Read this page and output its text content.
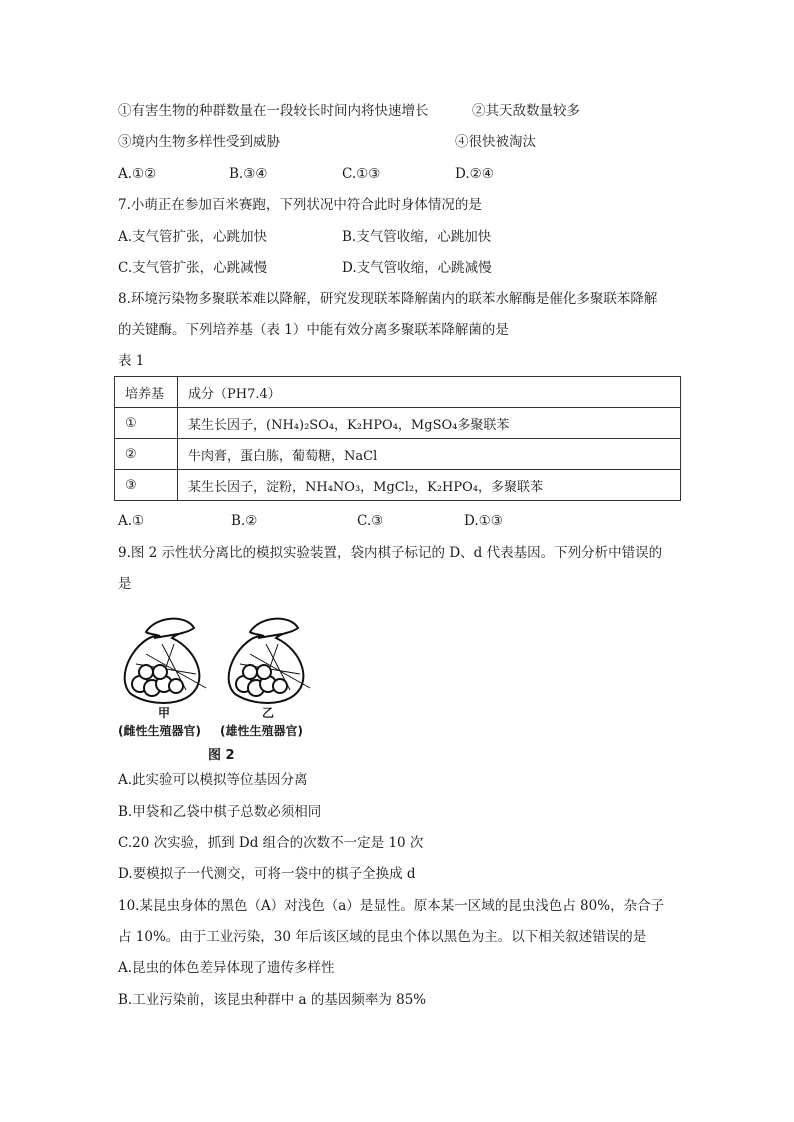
①有害生物的种群数量在一段较长时间内将快速增长	②其天敌数量较多
③境内生物多样性受到威胁	④很快被淘汰
A.①②	B.③④	C.①③	D.②④
7.小萌正在参加百米赛跑，下列状况中符合此时身体情况的是
A.支气管扩张，心跳加快	B.支气管收缩，心跳加快
C.支气管扩张，心跳减慢	D.支气管收缩，心跳减慢
8.环境污染物多聚联苯难以降解，研究发现联苯降解菌内的联苯水解酶是催化多聚联苯降解
的关键酶。下列培养基（表 1）中能有效分离多聚联苯降解菌的是
表 1
培养基	成分（PH7.4）
①	某生长因子，(NH₄)₂SO₄，K₂HPO₄，MgSO₄多聚联苯
②	牛肉膏，蛋白胨，葡萄糖，NaCl
③	某生长因子，淀粉，NH₄NO₃，MgCl₂，K₂HPO₄，多聚联苯
A.①	B.②	C.③	D.①③
9.图 2 示性状分离比的模拟实验装置，袋内棋子标记的 D、d 代表基因。下列分析中错误的
是
甲
(雌性生殖器官)
乙
(雄性生殖器官)
图 2
A.此实验可以模拟等位基因分离
B.甲袋和乙袋中棋子总数必须相同
C.20 次实验，抓到 Dd 组合的次数不一定是 10 次
D.要模拟子一代测交，可将一袋中的棋子全换成 d
10.某昆虫身体的黑色（A）对浅色（a）是显性。原本某一区域的昆虫浅色占 80%，杂合子
占 10%。由于工业污染，30 年后该区域的昆虫个体以黑色为主。以下相关叙述错误的是
A.昆虫的体色差异体现了遗传多样性
B.工业污染前，该昆虫种群中 a 的基因频率为 85%
